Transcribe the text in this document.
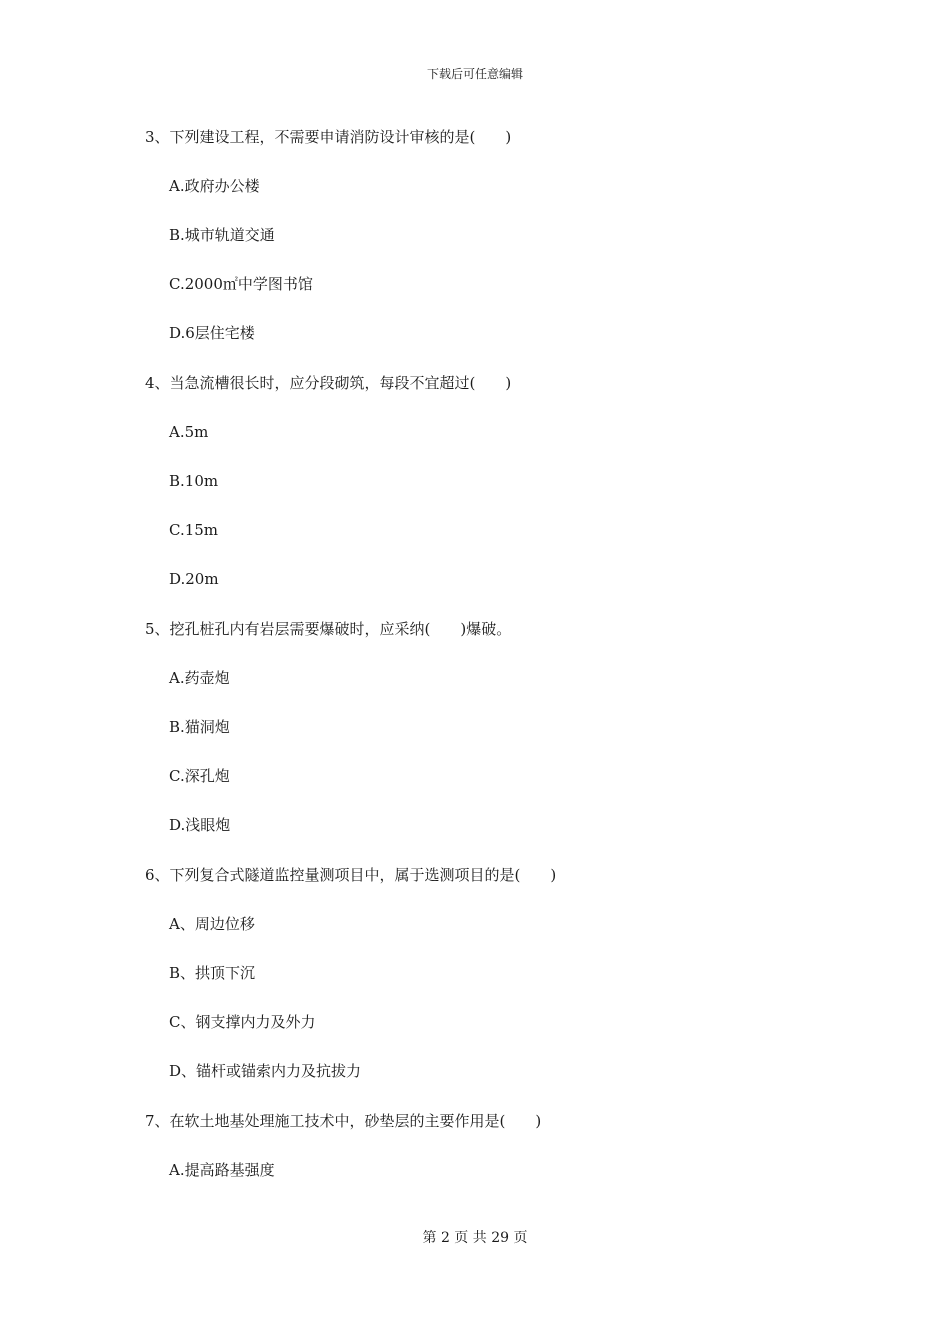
下载后可任意编辑
3、下列建设工程，不需要申请消防设计审核的是(　　)
A.政府办公楼
B.城市轨道交通
C.2000㎡中学图书馆
D.6层住宅楼
4、当急流槽很长时，应分段砌筑，每段不宜超过(　　)
A.5m
B.10m
C.15m
D.20m
5、挖孔桩孔内有岩层需要爆破时，应采纳(　　)爆破。
A.药壶炮
B.猫洞炮
C.深孔炮
D.浅眼炮
6、下列复合式隧道监控量测项目中，属于选测项目的是(　　)
A、周边位移
B、拱顶下沉
C、钢支撑内力及外力
D、锚杆或锚索内力及抗拔力
7、在软土地基处理施工技术中，砂垫层的主要作用是(　　)
A.提高路基强度
第 2 页 共 29 页
